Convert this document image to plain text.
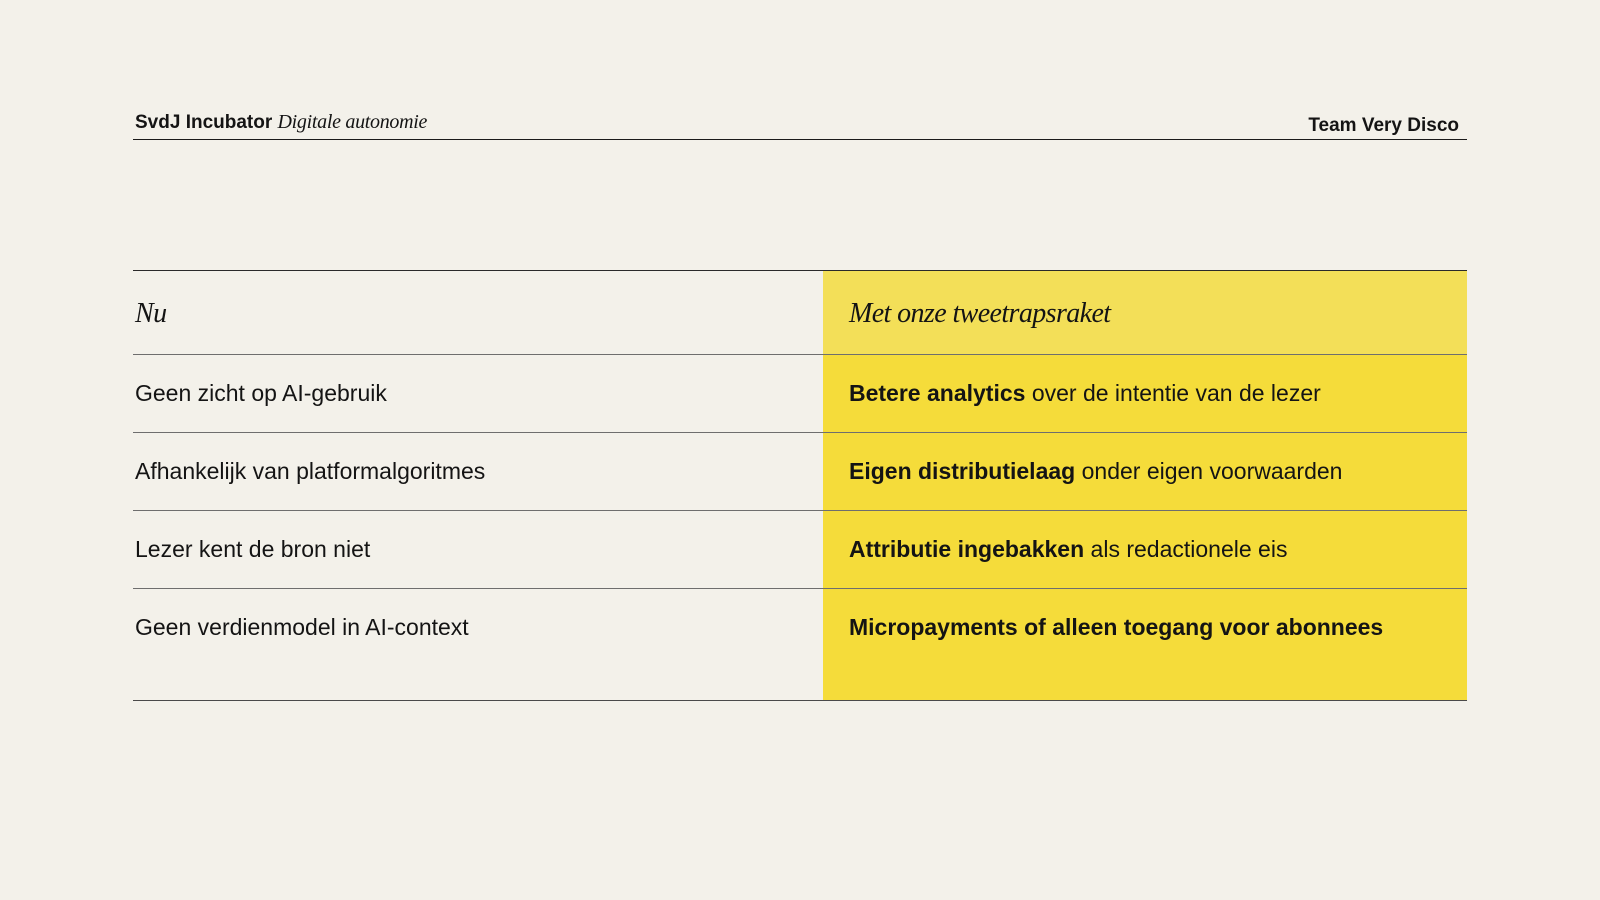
SvdJ Incubator Digitale autonomie	Team Very Disco
Nu	Met onze tweetrapsraket
Geen zicht op AI-gebruik	Betere analytics over de intentie van de lezer
Afhankelijk van platformalgoritmes	Eigen distributielaag onder eigen voorwaarden
Lezer kent de bron niet	Attributie ingebakken als redactionele eis
Geen verdienmodel in AI-context	Micropayments of alleen toegang voor abonnees
